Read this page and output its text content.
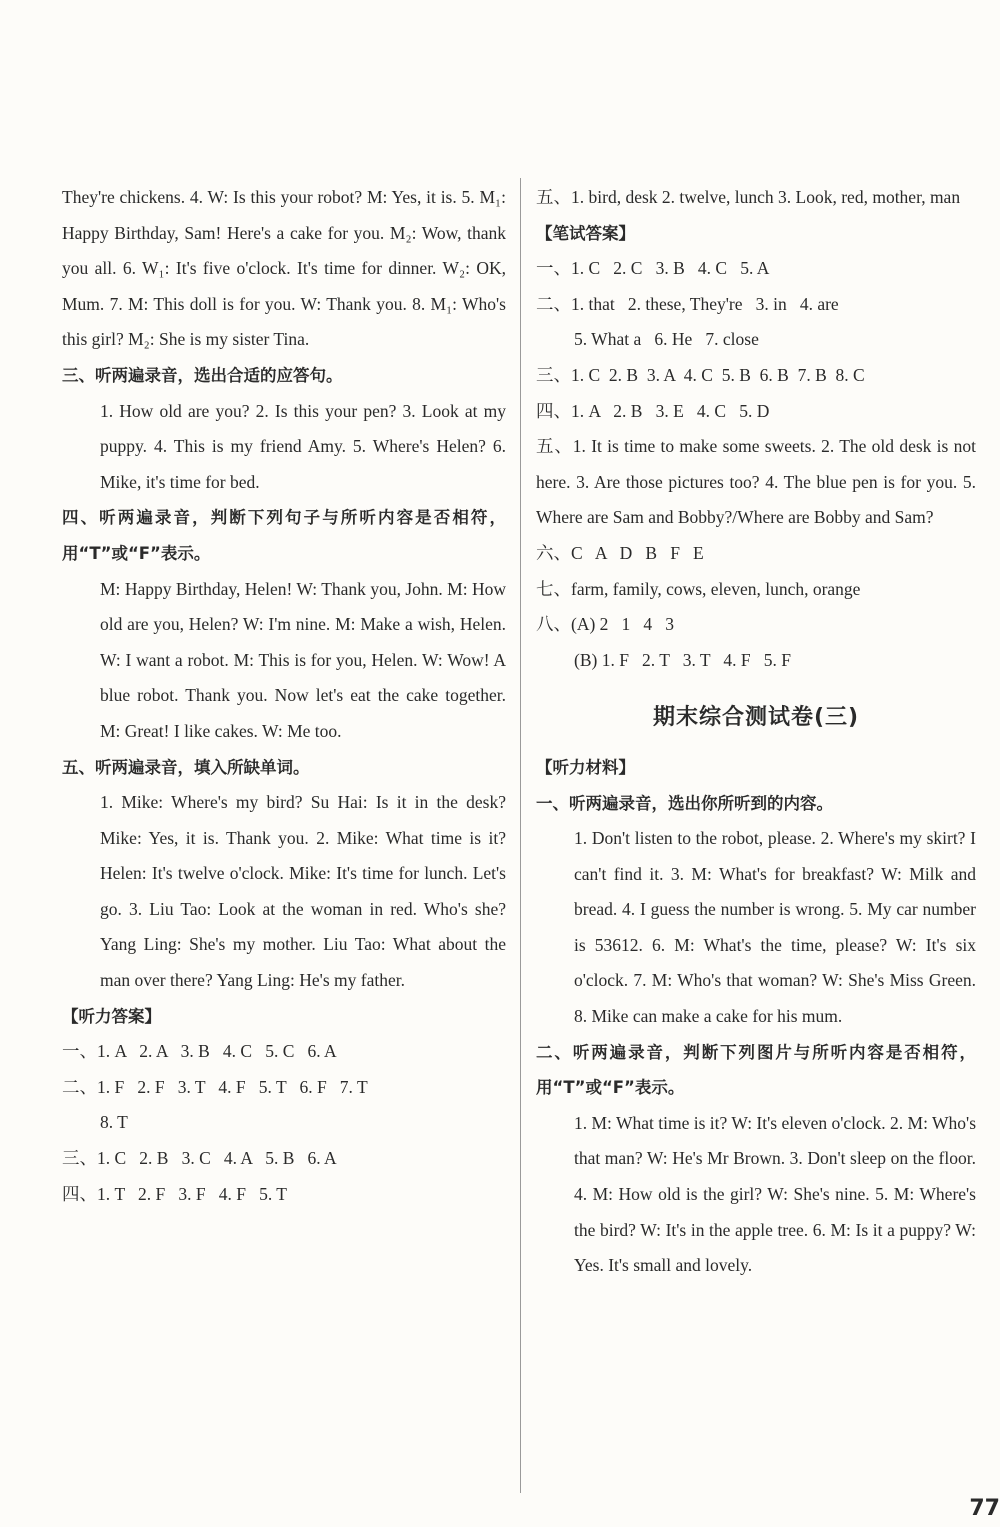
They're chickens. 4. W: Is this your robot? M: Yes, it is. 5. M₁: Happy Birthday, Sam! Here's a cake for you. M₂: Wow, thank you all. 6. W₁: It's five o'clock. It's time for dinner. W₂: OK, Mum. 7. M: This doll is for you. W: Thank you. 8. M₁: Who's this girl? M₂: She is my sister Tina.

三、听两遍录音，选出合适的应答句。

1. How old are you? 2. Is this your pen? 3. Look at my puppy. 4. This is my friend Amy. 5. Where's Helen? 6. Mike, it's time for bed.

四、听两遍录音，判断下列句子与所听内容是否相符，用“T”或“F”表示。

M: Happy Birthday, Helen! W: Thank you, John. M: How old are you, Helen? W: I'm nine. M: Make a wish, Helen. W: I want a robot. M: This is for you, Helen. W: Wow! A blue robot. Thank you. Now let's eat the cake together. M: Great! I like cakes. W: Me too.

五、听两遍录音，填入所缺单词。

1. Mike: Where's my bird? Su Hai: Is it in the desk? Mike: Yes, it is. Thank you. 2. Mike: What time is it? Helen: It's twelve o'clock. Mike: It's time for lunch. Let's go. 3. Liu Tao: Look at the woman in red. Who's she? Yang Ling: She's my mother. Liu Tao: What about the man over there? Yang Ling: He's my father.

【听力答案】

一、1. A   2. A   3. B   4. C   5. C   6. A

二、1. F   2. F   3. T   4. F   5. T   6. F   7. T

8. T

三、1. C   2. B   3. C   4. A   5. B   6. A

四、1. T   2. F   3. F   4. F   5. T

五、1. bird, desk 2. twelve, lunch 3. Look, red, mother, man

【笔试答案】

一、1. C   2. C   3. B   4. C   5. A

二、1. that   2. these, They're   3. in   4. are

5. What a   6. He   7. close

三、1. C  2. B  3. A  4. C  5. B  6. B  7. B  8. C

四、1. A   2. B   3. E   4. C   5. D

五、1. It is time to make some sweets. 2. The old desk is not here. 3. Are those pictures too? 4. The blue pen is for you. 5. Where are Sam and Bobby?/Where are Bobby and Sam?

六、C   A   D   B   F   E

七、farm, family, cows, eleven, lunch, orange

八、(A) 2   1   4   3

(B) 1. F   2. T   3. T   4. F   5. F

期末综合测试卷(三)

【听力材料】

一、听两遍录音，选出你所听到的内容。

1. Don't listen to the robot, please. 2. Where's my skirt? I can't find it. 3. M: What's for breakfast? W: Milk and bread. 4. I guess the number is wrong. 5. My car number is 53612. 6. M: What's the time, please? W: It's six o'clock. 7. M: Who's that woman? W: She's Miss Green. 8. Mike can make a cake for his mum.

二、听两遍录音，判断下列图片与所听内容是否相符，用“T”或“F”表示。

1. M: What time is it? W: It's eleven o'clock. 2. M: Who's that man? W: He's Mr Brown. 3. Don't sleep on the floor. 4. M: How old is the girl? W: She's nine. 5. M: Where's the bird? W: It's in the apple tree. 6. M: Is it a puppy? W: Yes. It's small and lovely.

77
